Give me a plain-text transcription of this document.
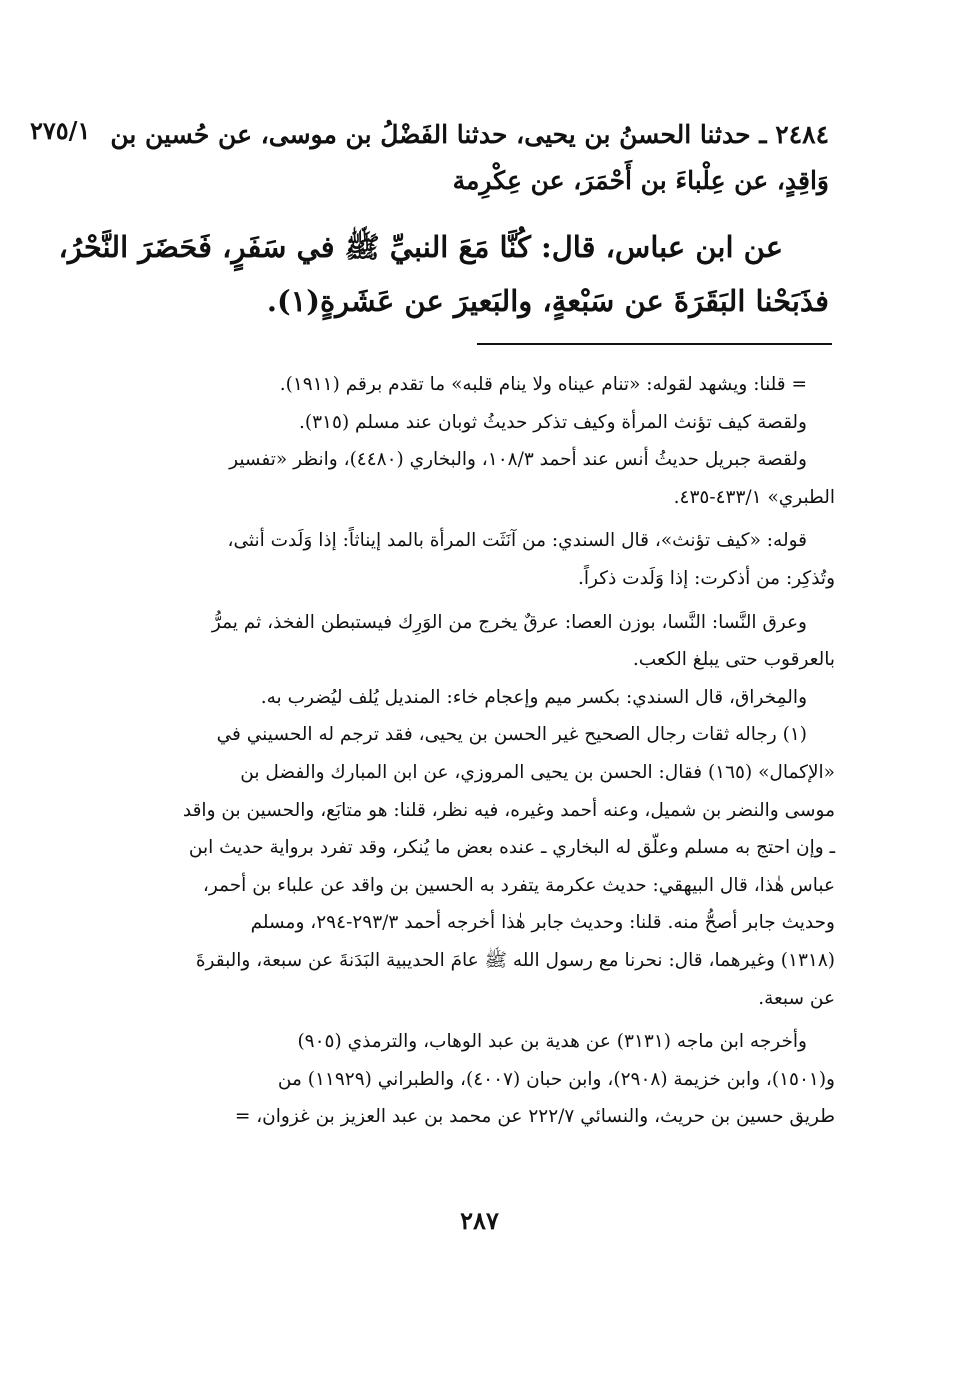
٢٧٥/١ ٢٤٨٤ ـ حدثنا الحسنُ بن يحيى، حدثنا الفَضْلُ بن موسى، عن حُسين بن
وَاقِدٍ، عن عِلْباءَ بن أَحْمَرَ، عن عِكْرِمة
عن ابن عباس، قال: كُنَّا مَعَ النبيِّ ﷺ في سَفَرٍ، فَحَضَرَ النَّحْرُ،
فذَبَحْنا البَقَرَةَ عن سَبْعةٍ، والبَعيرَ عن عَشَرةٍ(١).
= قلنا: ويشهد لقوله: «تنام عيناه ولا ينام قلبه» ما تقدم برقم (١٩١١).
ولقصة كيف تؤنث المرأة وكيف تذكر حديثُ ثوبان عند مسلم (٣١٥).
ولقصة جبريل حديثُ أنس عند أحمد ١٠٨/٣، والبخاري (٤٤٨٠)، وانظر «تفسير
الطبري» ٤٣٣/١-٤٣٥.
قوله: «كيف تؤنث»، قال السندي: من آنَثَت المرأة بالمد إيناثاً: إذا وَلَدت أنثى،
وتُذكِر: من أذكرت: إذا وَلَدت ذكراً.
وعرق النَّسا: النَّسا، بوزن العصا: عرقٌ يخرج من الوَرِك فيستبطن الفخذ، ثم يمرُّ
بالعرقوب حتى يبلغ الكعب.
والمِخراق، قال السندي: بكسر ميم وإعجام خاء: المنديل يُلف ليُضرب به.
(١) رجاله ثقات رجال الصحيح غير الحسن بن يحيى، فقد ترجم له الحسيني في
«الإكمال» (١٦٥) فقال: الحسن بن يحيى المروزي، عن ابن المبارك والفضل بن
موسى والنضر بن شميل، وعنه أحمد وغيره، فيه نظر، قلنا: هو متابَع، والحسين بن واقد
ـ وإن احتج به مسلم وعلّق له البخاري ـ عنده بعض ما يُنكر، وقد تفرد برواية حديث ابن
عباس هٰذا، قال البيهقي: حديث عكرمة يتفرد به الحسين بن واقد عن علباء بن أحمر،
وحديث جابر أصحُّ منه. قلنا: وحديث جابر هٰذا أخرجه أحمد ٢٩٣/٣-٢٩٤، ومسلم
(١٣١٨) وغيرهما، قال: نحرنا مع رسول الله ﷺ عامَ الحديبية البَدَنةَ عن سبعة، والبقرةَ
عن سبعة.
وأخرجه ابن ماجه (٣١٣١) عن هدية بن عبد الوهاب، والترمذي (٩٠٥)
و(١٥٠١)، وابن خزيمة (٢٩٠٨)، وابن حبان (٤٠٠٧)، والطبراني (١١٩٢٩) من
طريق حسين بن حريث، والنسائي ٢٢٢/٧ عن محمد بن عبد العزيز بن غزوان، =
٢٨٧
